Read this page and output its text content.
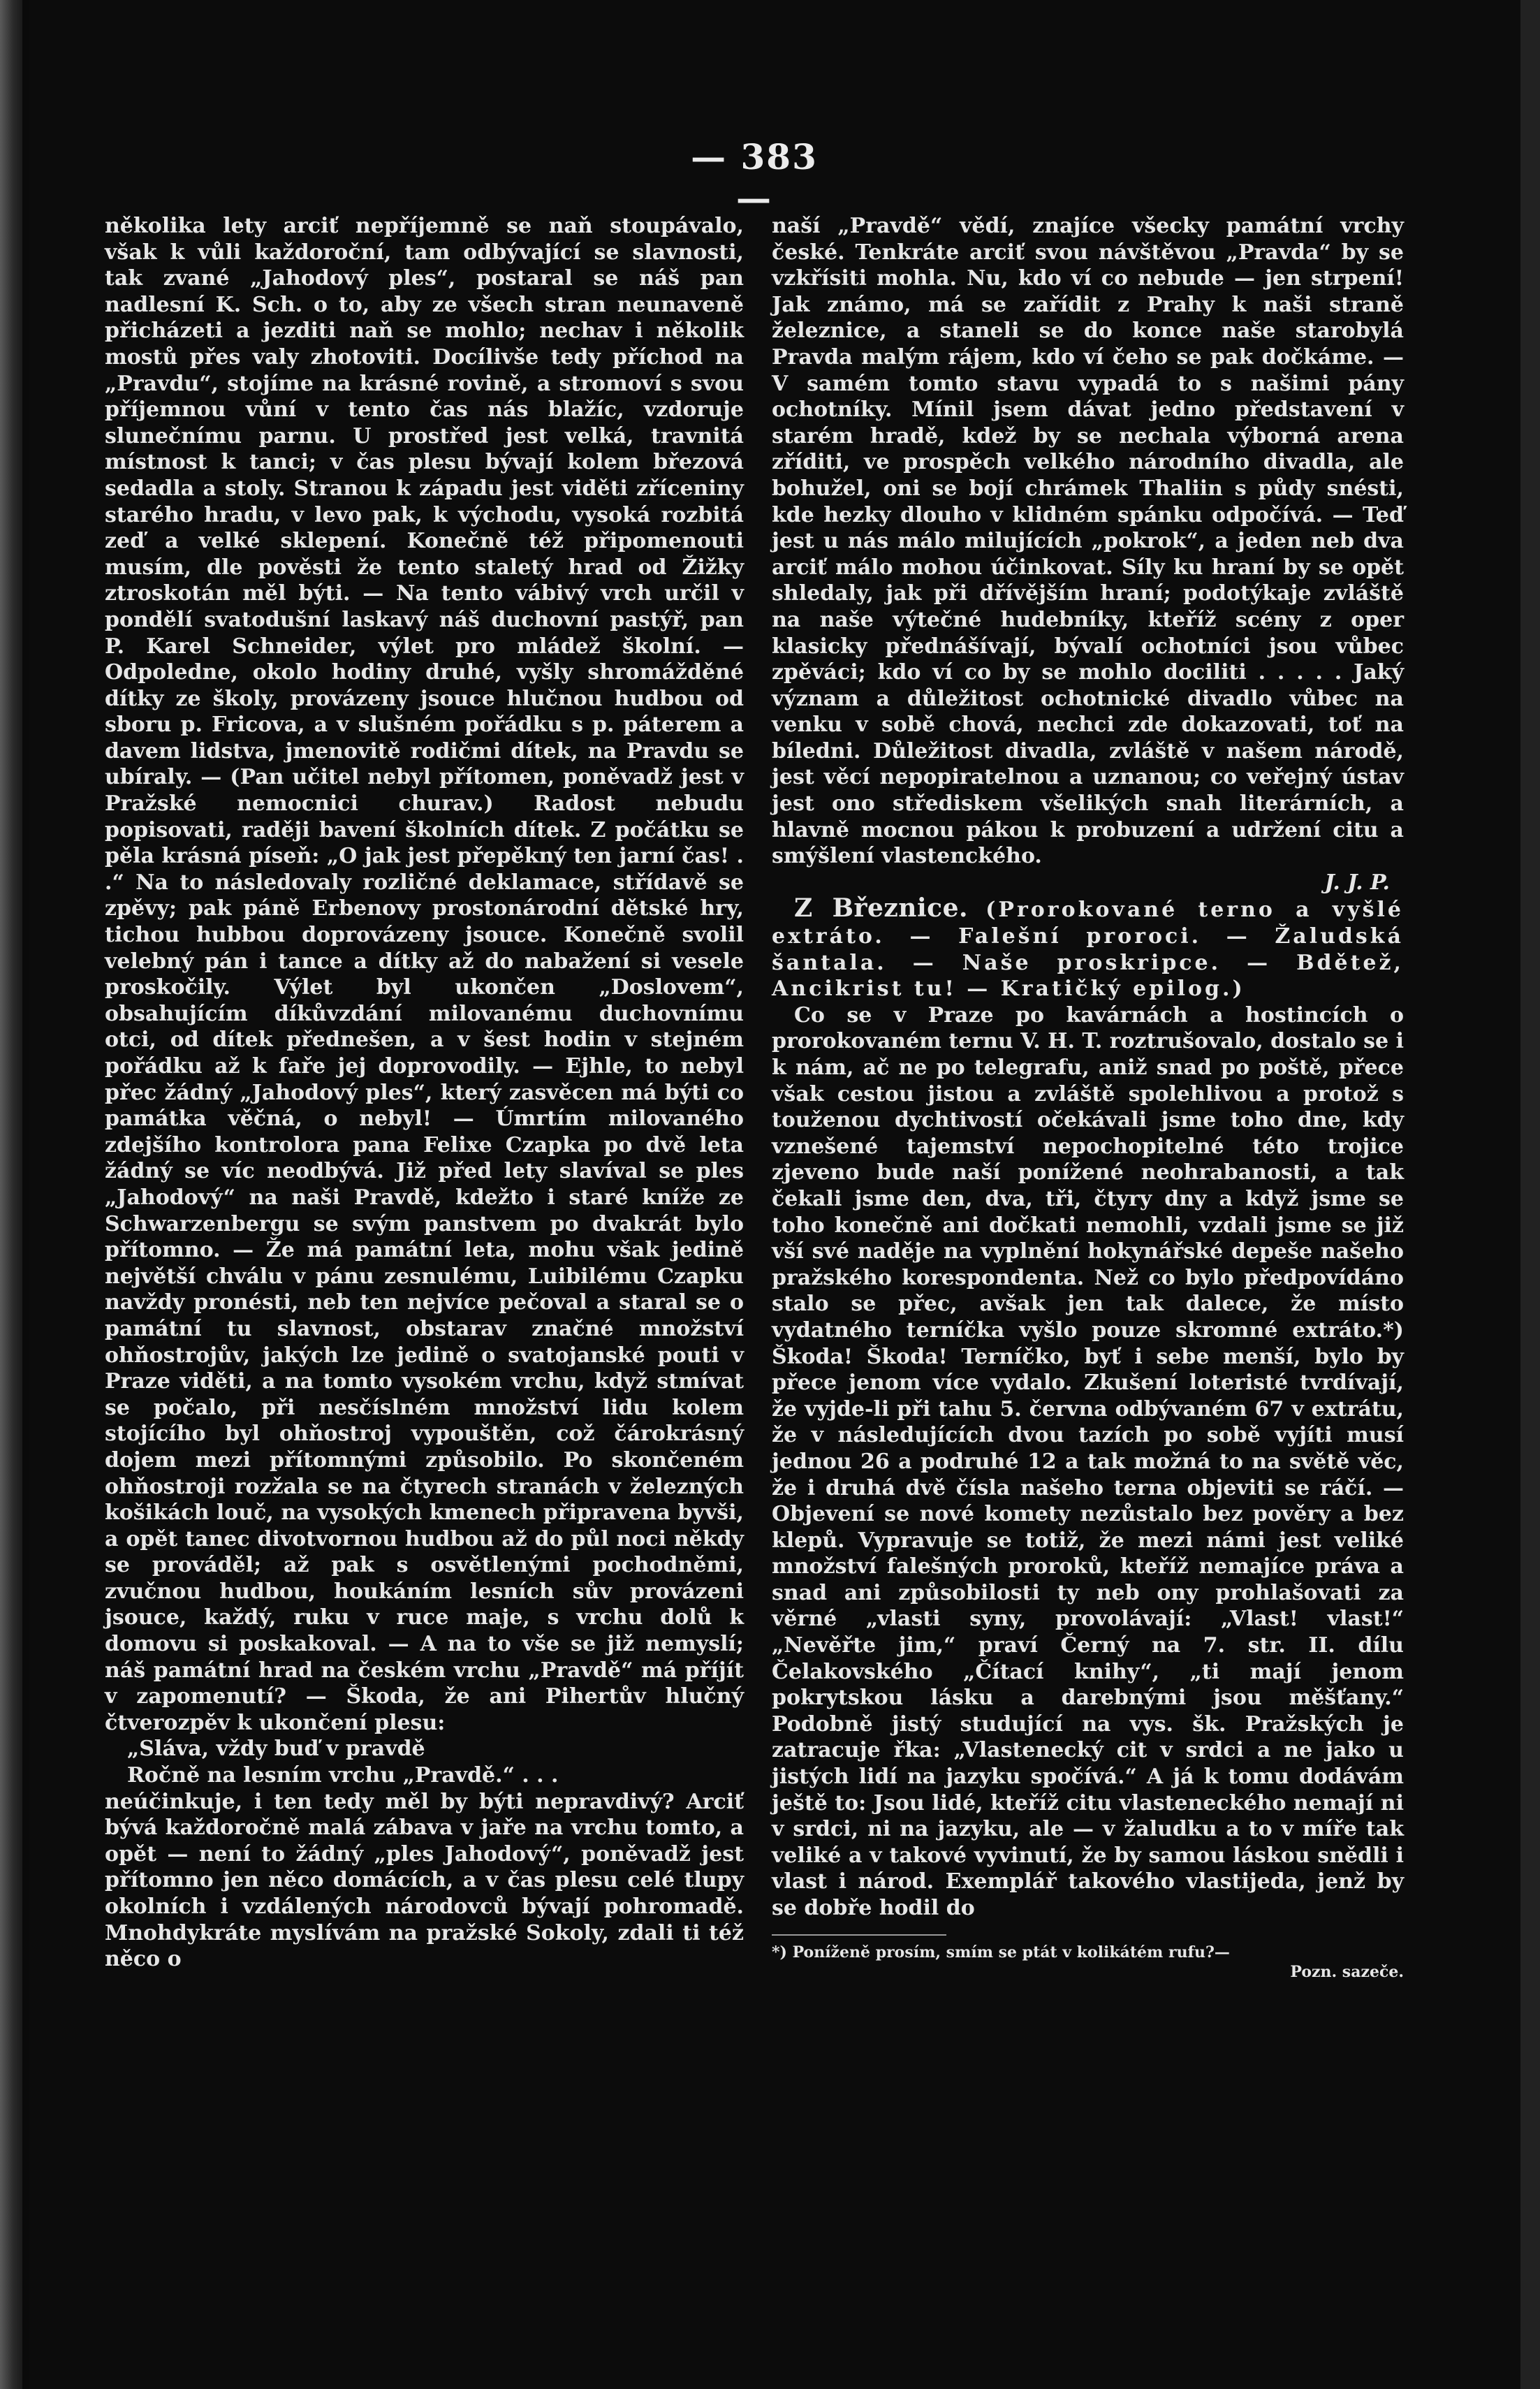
— 383 —

několika lety arciť nepříjemně se naň stoupávalo, však k vůli každoroční, tam odbývající se slavnosti, tak zvané „Jahodový ples“, postaral se náš pan nadlesní K. Sch. o to, aby ze všech stran neunaveně přicházeti a jezditi naň se mohlo; nechav i několik mostů přes valy zhotoviti. Docílivše tedy příchod na „Pravdu“, stojíme na krásné rovině, a stromoví s svou příjemnou vůní v tento čas nás blažíc, vzdoruje slunečnímu parnu. U prostřed jest velká, travnitá místnost k tanci; v čas plesu bývají kolem březová sedadla a stoly. Stranou k západu jest viděti zříceniny starého hradu, v levo pak, k východu, vysoká rozbitá zeď a velké sklepení. Konečně též připomenouti musím, dle pověsti že tento staletý hrad od Žižky ztroskotán měl býti. — Na tento vábivý vrch určil v pondělí svatodušní laskavý náš duchovní pastýř, pan P. Karel Schneider, výlet pro mládež školní. — Odpoledne, okolo hodiny druhé, vyšly shromážděné dítky ze školy, provázeny jsouce hlučnou hudbou od sboru p. Fricova, a v slušném pořádku s p. páterem a davem lidstva, jmenovitě rodičmi dítek, na Pravdu se ubíraly. — (Pan učitel nebyl přítomen, poněvadž jest v Pražské nemocnici churav.) Radost nebudu popisovati, raději bavení školních dítek. Z počátku se pěla krásná píseň: „O jak jest přepěkný ten jarní čas! . .“ Na to následovaly rozličné deklamace, střídavě se zpěvy; pak páně Erbenovy prostonárodní dětské hry, tichou hubbou doprovázeny jsouce. Konečně svolil velebný pán i tance a dítky až do nabažení si vesele proskočily. Výlet byl ukončen „Doslovem“, obsahujícím díkůvzdání milovanému duchovnímu otci, od dítek přednešen, a v šest hodin v stejném pořádku až k faře jej doprovodily. — Ejhle, to nebyl přec žádný „Jahodový ples“, který zasvěcen má býti co památka věčná, o nebyl! — Úmrtím milovaného zdejšího kontrolora pana Felixe Czapka po dvě leta žádný se víc neodbývá. Již před lety slavíval se ples „Jahodový“ na naši Pravdě, kdežto i staré kníže ze Schwarzenbergu se svým panstvem po dvakrát bylo přítomno. — Že má památní leta, mohu však jedině největší chválu v pánu zesnulému, Luibilému Czapku navždy pronésti, neb ten nejvíce pečoval a staral se o památní tu slavnost, obstarav značné množství ohňostrojův, jakých lze jedině o svatojanské pouti v Praze viděti, a na tomto vysokém vrchu, když stmívat se počalo, při nesčíslném množství lidu kolem stojícího byl ohňostroj vypouštěn, což čárokrásný dojem mezi přítomnými způsobilo. Po skončeném ohňostroji rozžala se na čtyrech stranách v železných košikách louč, na vysokých kmenech připravena byvši, a opět tanec divotvornou hudbou až do půl noci někdy se prováděl; až pak s osvětlenými pochodněmi, zvučnou hudbou, houkáním lesních sův provázeni jsouce, každý, ruku v ruce maje, s vrchu dolů k domovu si poskakoval. — A na to vše se již nemyslí; náš památní hrad na českém vrchu „Pravdě“ má příjít v zapomenutí? — Škoda, že ani Pihertův hlučný čtverozpěv k ukončení plesu:

„Sláva, vždy buď v pravdě

Ročně na lesním vrchu „Pravdě.“ . . .

neúčinkuje, i ten tedy měl by býti nepravdivý? Arciť bývá každoročně malá zábava v jaře na vrchu tomto, a opět — není to žádný „ples Jahodový“, poněvadž jest přítomno jen něco domácích, a v čas plesu celé tlupy okolních i vzdálených národovců bývají pohromadě. Mnohdykráte myslívám na pražské Sokoly, zdali ti též něco o

naší „Pravdě“ vědí, znajíce všecky památní vrchy české. Tenkráte arciť svou návštěvou „Pravda“ by se vzkřísiti mohla. Nu, kdo ví co nebude — jen strpení! Jak známo, má se zařídit z Prahy k naši straně železnice, a staneli se do konce naše starobylá Pravda malým rájem, kdo ví čeho se pak dočkáme. — V samém tomto stavu vypadá to s našimi pány ochotníky. Mínil jsem dávat jedno představení v starém hradě, kdež by se nechala výborná arena zříditi, ve prospěch velkého národního divadla, ale bohužel, oni se bojí chrámek Thaliin s půdy snésti, kde hezky dlouho v klidném spánku odpočívá. — Teď jest u nás málo milujících „pokrok“, a jeden neb dva arciť málo mohou účinkovat. Síly ku hraní by se opět shledaly, jak při dřívějším hraní; podotýkaje zvláště na naše výtečné hudebníky, kteříž scény z oper klasicky přednášívají, bývalí ochotníci jsou vůbec zpěváci; kdo ví co by se mohlo dociliti . . . . . Jaký význam a důležitost ochotnické divadlo vůbec na venku v sobě chová, nechci zde dokazovati, toť na bíledni. Důležitost divadla, zvláště v našem národě, jest věcí nepopiratelnou a uznanou; co veřejný ústav jest ono střediskem všelikých snah literárních, a hlavně mocnou pákou k probuzení a udržení citu a smýšlení vlastenckého.

J. J. P.

Z Březnice. (Prorokované terno a vyšlé extráto. — Falešní proroci. — Žaludská šantala. — Naše proskripce. — Bdětež, Ancikrist tu! — Kratičký epilog.)

Co se v Praze po kavárnách a hostincích o prorokovaném ternu V. H. T. roztrušovalo, dostalo se i k nám, ač ne po telegrafu, aniž snad po poště, přece však cestou jistou a zvláště spolehlivou a protož s touženou dychtivostí očekávali jsme toho dne, kdy vznešené tajemství nepochopitelné této trojice zjeveno bude naší ponížené neohrabanosti, a tak čekali jsme den, dva, tři, čtyry dny a když jsme se toho konečně ani dočkati nemohli, vzdali jsme se již vší své naděje na vyplnění hokynářské depeše našeho pražského korespondenta. Než co bylo předpovídáno stalo se přec, avšak jen tak dalece, že místo vydatného terníčka vyšlo pouze skromné extráto.*) Škoda! Škoda! Terníčko, byť i sebe menší, bylo by přece jenom více vydalo. Zkušení loteristé tvrdívají, že vyjde-li při tahu 5. června odbývaném 67 v extrátu, že v následujících dvou tazích po sobě vyjíti musí jednou 26 a podruhé 12 a tak možná to na světě věc, že i druhá dvě čísla našeho terna objeviti se ráčí. — Objevení se nové komety nezůstalo bez pověry a bez klepů. Vypravuje se totiž, že mezi námi jest veliké množství falešných proroků, kteříž nemajíce práva a snad ani způsobilosti ty neb ony prohlašovati za věrné „vlasti syny, provolávají: „Vlast! vlast!“ „Nevěřte jim,“ praví Černý na 7. str. II. dílu Čelakovského „Čítací knihy“, „ti mají jenom pokrytskou lásku a darebnými jsou měšťany.“ Podobně jistý studující na vys. šk. Pražských je zatracuje řka: „Vlastenecký cit v srdci a ne jako u jistých lidí na jazyku spočívá.“ A já k tomu dodávám ještě to: Jsou lidé, kteříž citu vlasteneckého nemají ni v srdci, ni na jazyku, ale — v žaludku a to v míře tak veliké a v takové vyvinutí, že by samou láskou snědli i vlast i národ. Exemplář takového vlastijeda, jenž by se dobře hodil do

*) Poníženě prosím, smím se ptát v kolikátém rufu?—

Pozn. sazeče.
